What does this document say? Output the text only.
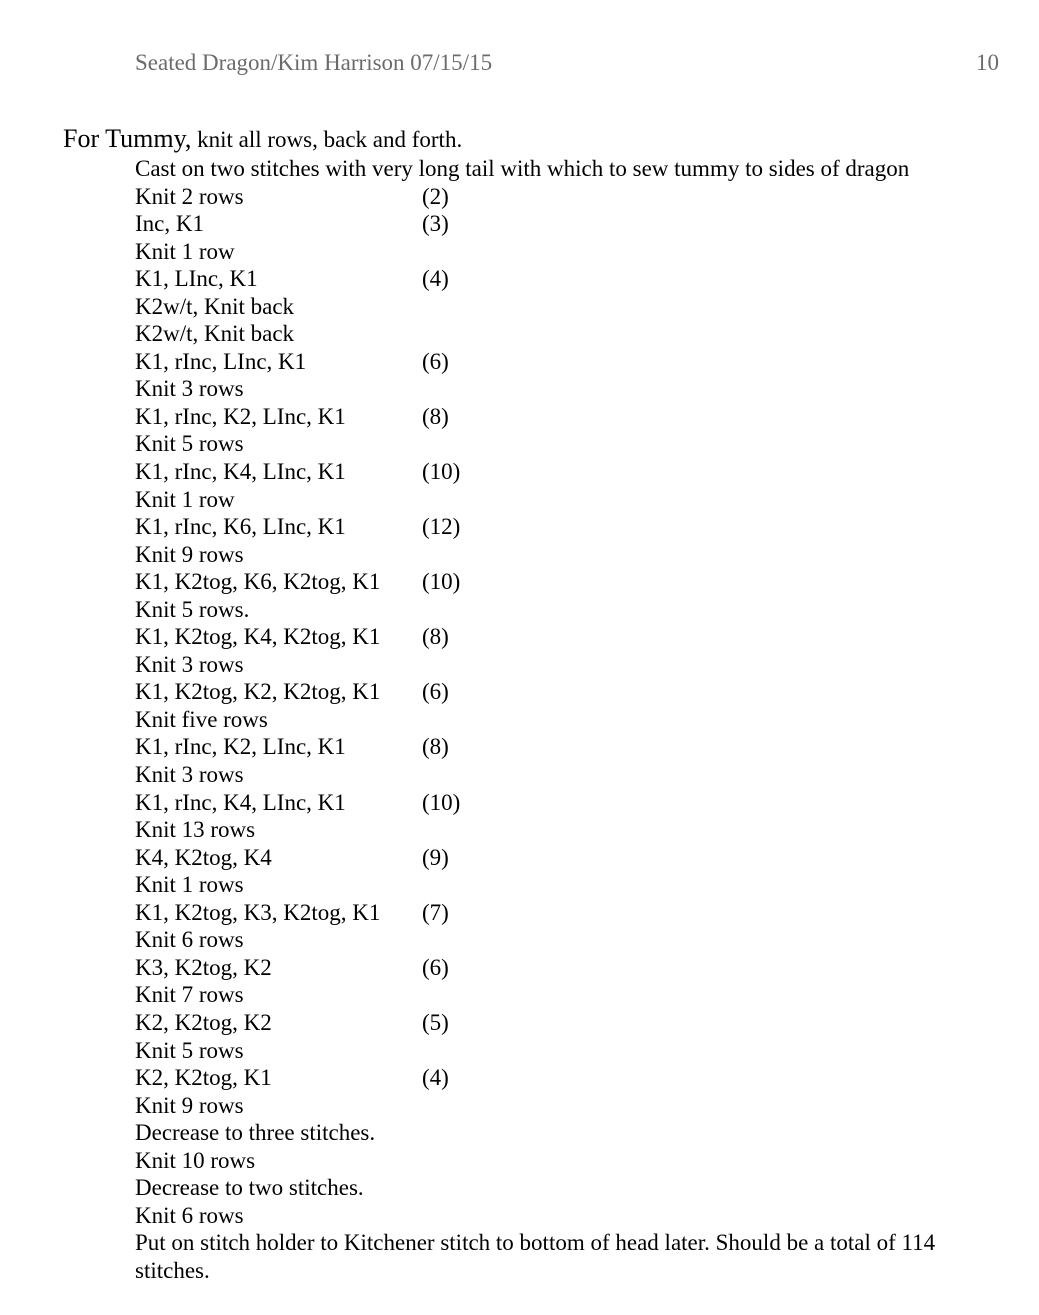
Seated Dragon/Kim Harrison 07/15/15	10
For Tummy, knit all rows, back and forth.
Cast on two stitches with very long tail with which to sew tummy to sides of dragon
Knit 2 rows	(2)
Inc, K1	(3)
Knit 1 row
K1, LInc, K1	(4)
K2w/t, Knit back
K2w/t, Knit back
K1, rInc, LInc, K1	(6)
Knit 3 rows
K1, rInc, K2, LInc, K1	(8)
Knit 5 rows
K1, rInc, K4, LInc, K1	(10)
Knit 1 row
K1, rInc, K6, LInc, K1	(12)
Knit 9 rows
K1, K2tog, K6, K2tog, K1 (10)
Knit 5 rows.
K1, K2tog, K4, K2tog, K1 (8)
Knit 3 rows
K1, K2tog, K2, K2tog, K1 (6)
Knit five rows
K1, rInc, K2, LInc, K1	(8)
Knit 3 rows
K1, rInc, K4, LInc, K1	(10)
Knit 13 rows
K4, K2tog, K4	(9)
Knit 1 rows
K1, K2tog, K3, K2tog, K1 (7)
Knit 6 rows
K3, K2tog, K2	(6)
Knit 7 rows
K2, K2tog, K2	(5)
Knit 5 rows
K2, K2tog, K1	(4)
Knit 9 rows
Decrease to three stitches.
Knit 10 rows
Decrease to two stitches.
Knit 6 rows
Put on stitch holder to Kitchener stitch to bottom of head later. Should be a total of 114 stitches.
